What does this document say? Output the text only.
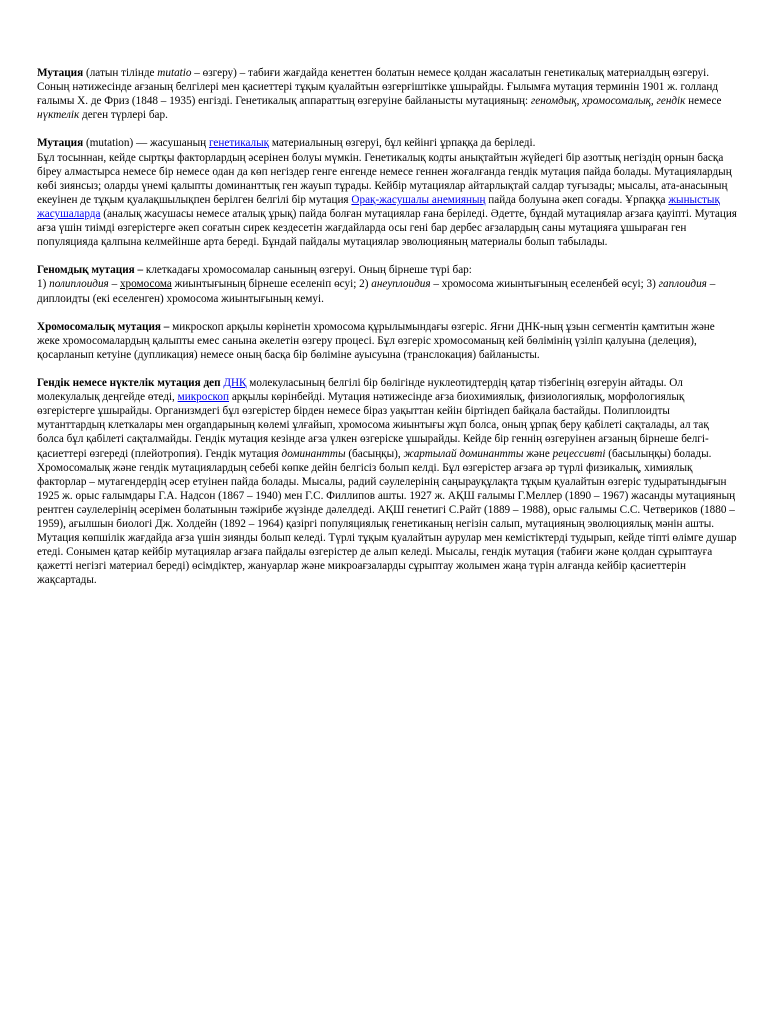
Мутация (латын тілінде mutatio – өзгеру) – табиғи жағдайда кенеттен болатын немесе қолдан жасалатын генетикалық материалдың өзгеруі. Соның нәтижесінде ағзаның белгілері мен қасиеттері тұқым қуалайтын өзгерғіштікке ұшырайды. Ғылымға мутация терминін 1901 ж. голланд ғалымы Х. де Фриз (1848 – 1935) енгізді. Генетикалық аппараттың өзгеруіне байланысты мутацияның: геномдық, хромосомалық, гендік немесе нүктелік деген түрлері бар.

Мутация (mutation) — жасушаның генетикалық материалының өзгеруі, бұл кейінгі ұрпаққа да беріледі.
Бұл тосыннан, кейде сыртқы факторлардың әсерінен болуы мүмкін. Генетикалық кодты анықтайтын жүйедегі бір азоттық негіздің орнын басқа біреу алмастырса немесе бір немесе одан да көп негіздер генге енгенде немесе геннен жоғалғанда гендік мутация пайда болады. Мутациялардың көбі зиянсыз; оларды үнемі қалыпты доминанттық ген жауып тұрады. Кейбір мутациялар айтарлықтай салдар туғызады; мысалы, ата-анасының екеуінен де тұқым қуалақшылықпен берілген белгілі бір мутация Орақ-жасушалы анемияның пайда болуына әкеп соғады. Ұрпаққа жыныстық жасушаларда (аналық жасушасы немесе аталық ұрық) пайда болған мутациялар ғана беріледі. Әдетте, бұндай мутациялар ағзаға қауіпті. Мутация ағза үшін тиімді өзгерістерге әкеп соғатын сирек кездесетін жағдайларда осы гені бар дербес ағзалардың саны мутацияға ұшыраған ген популяцияда қалпына келмейінше арта береді. Бұндай пайдалы мутациялар эволюцияның материалы болып табылады.

Геномдық мутация – клеткадағы хромосомалар санының өзгеруі. Оның бірнеше түрі бар:
1) полиплоидия – хромосома жиынтығының бірнеше еселеніп өсуі; 2) анеуплоидия – хромосома жиынтығының еселенбей өсуі; 3) гаплоидия – диплоидты (екі еселенген) хромосома жиынтығының кемуі.

Хромосомалық мутация – микроскоп арқылы көрінетін хромосома құрылымындағы өзгеріс. Яғни ДНК-ның ұзын сегментін қамтитын және жеке хромосомалардың қалыпты емес санына әкелетін өзгеру процесі. Бұл өзгеріс хромосоманың кей бөлімінің үзіліп қалуына (делеция), қосарланып кетуіне (дупликация) немесе оның басқа бір бөліміне ауысуына (транслокация) байланысты.

Гендік немесе нүктелік мутация деп ДНҚ молекуласының белгілі бір бөлігінде нуклеотидтердің қатар тізбегінің өзгеруін айтады. Ол молекулалық деңгейде өтеді, микроскоп арқылы көрінбейді. Мутация нәтижесінде ағза биохимиялық, физиологиялық, морфологиялық өзгерістерге ұшырайды. Организмдегі бұл өзгерістер бірден немесе біраз уақыттан кейін біртіндеп байқала бастайды. Полиплоидты мутанттардың клеткалары мен organдарының көлемі ұлғайып, хромосома жиынтығы жұп болса, оның ұрпақ беру қабілеті сақталады, ал тақ болса бұл қабілеті сақталмайды. Гендік мутация кезінде ағза үлкен өзгеріске ұшырайды. Кейде бір геннің өзгеруінен ағзаның бірнеше белгі-қасиеттері өзгереді (плейотропия). Гендік мутация доминантты (басыңқы), жартылай доминантты және рецессивті (басылыңқы) болады. Хромосомалық және гендік мутациялардың себебі көпке дейін белгісіз болып келді. Бұл өзгерістер ағзаға әр түрлі физикалық, химиялық факторлар – мутагендердің әсер етуінен пайда болады. Мысалы, радий сәулелерінің саңырауқұлақта тұқым қуалайтын өзгеріс тудыратындығын 1925 ж. орыс ғалымдары Г.А. Надсон (1867 – 1940) мен Г.С. Филлипов ашты. 1927 ж. АҚШ ғалымы Г.Меллер (1890 – 1967) жасанды мутацияның рентген сәулелерінің әсерімен болатынын тәжірибе жүзінде дәлелдеді. АҚШ генетигі С.Райт (1889 – 1988), орыс ғалымы С.С. Четвериков (1880 – 1959), ағылшын биологі Дж. Холдейн (1892 – 1964) қазіргі популяциялық генетиканың негізін салып, мутацияның эволюциялық мәнін ашты. Мутация көпшілік жағдайда ағза үшін зиянды болып келеді. Түрлі тұқым қуалайтын аурулар мен кемістіктерді тудырып, кейде тіпті өлімге душар етеді. Сонымен қатар кейбір мутациялар ағзаға пайдалы өзгерістер де алып келеді. Мысалы, гендік мутация (табиғи және қолдан сұрыптауға қажетті негізгі материал береді) өсімдіктер, жануарлар және микроағзаларды сұрыптау жолымен жаңа түрін алғанда кейбір қасиеттерін жақсартады.
